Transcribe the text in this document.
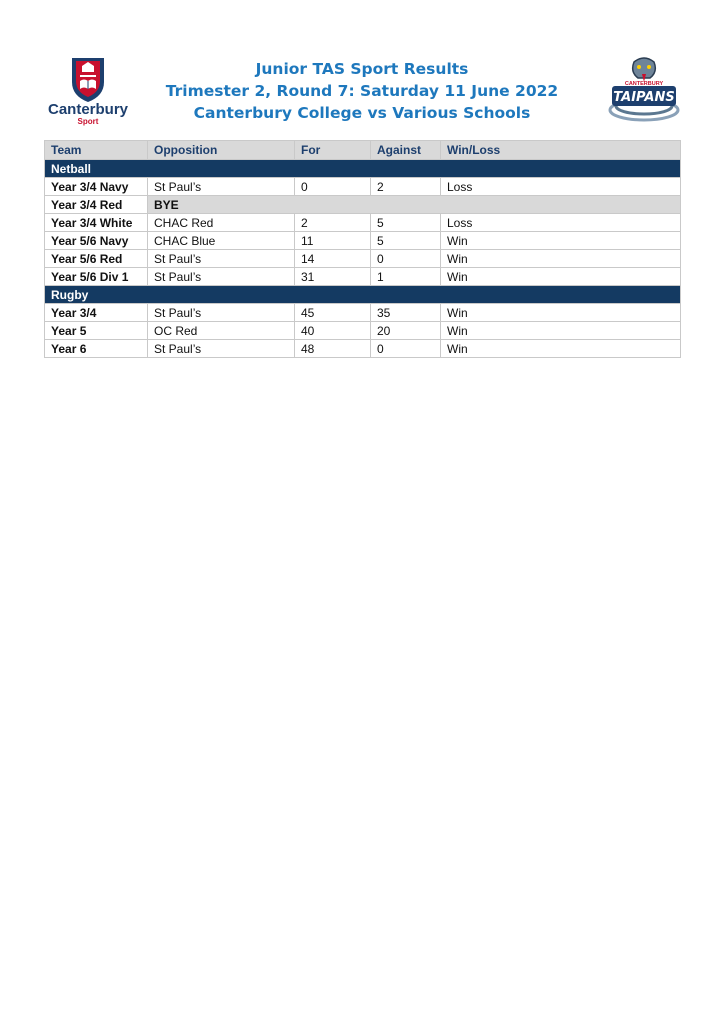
Canterbury
Sport
Junior TAS Sport Results
Trimester 2, Round 7: Saturday 11 June 2022
Canterbury College vs Various Schools
CANTERBURY
TAIPANS
Team	Opposition	For	Against	Win/Loss
Netball				
Year 3/4 Navy	St Paul’s	0	2	Loss
Year 3/4 Red	BYE			
Year 3/4 White	CHAC Red	2	5	Loss
Year 5/6 Navy	CHAC Blue	11	5	Win
Year 5/6 Red	St Paul’s	14	0	Win
Year 5/6 Div 1	St Paul’s	31	1	Win
Rugby				
Year 3/4	St Paul’s	45	35	Win
Year 5	OC Red	40	20	Win
Year 6	St Paul’s	48	0	Win
